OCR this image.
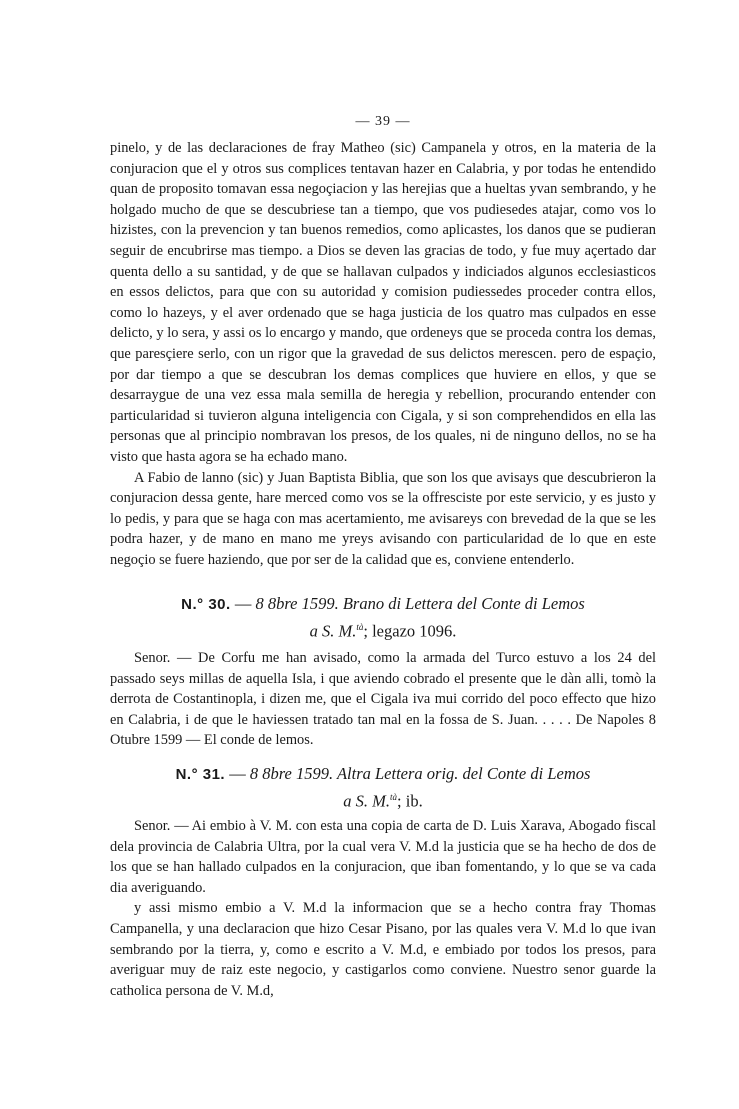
— 39 —

pinelo, y de las declaraciones de fray Matheo (sic) Campanela y otros, en la materia de la conjuracion que el y otros sus complices tentavan hazer en Calabria, y por todas he entendido quan de proposito tomavan essa negoçiacion y las herejias que a hueltas yvan sembrando, y he holgado mucho de que se descubriese tan a tiempo, que vos pudiesedes atajar, como vos lo hizistes, con la prevencion y tan buenos remedios, como aplicastes, los danos que se pudieran seguir de encubrirse mas tiempo. a Dios se deven las gracias de todo, y fue muy açertado dar quenta dello a su santidad, y de que se hallavan culpados y indiciados algunos ecclesiasticos en essos delictos, para que con su autoridad y comision pudiessedes proceder contra ellos, como lo hazeys, y el aver ordenado que se haga justicia de los quatro mas culpados en esse delicto, y lo sera, y assi os lo encargo y mando, que ordeneys que se proceda contra los demas, que paresçiere serlo, con un rigor que la gravedad de sus delictos merescen. pero de espaçio, por dar tiempo a que se descubran los demas complices que huviere en ellos, y que se desarraygue de una vez essa mala semilla de heregia y rebellion, procurando entender con particularidad si tuvieron alguna inteligencia con Cigala, y si son comprehendidos en ella las personas que al principio nombravan los presos, de los quales, ni de ninguno dellos, no se ha visto que hasta agora se ha echado mano.

A Fabio de lanno (sic) y Juan Baptista Biblia, que son los que avisays que descubrieron la conjuracion dessa gente, hare merced como vos se la offresciste por este servicio, y es justo y lo pedis, y para que se haga con mas acertamiento, me avisareys con brevedad de la que se les podra hazer, y de mano en mano me yreys avisando con particularidad de lo que en este negoçio se fuere haziendo, que por ser de la calidad que es, conviene entenderlo.

N.° 30. — 8 8bre 1599. Brano di Lettera del Conte di Lemos
a S. M.$^{tà}$; legazo 1096.

Senor. — De Corfu me han avisado, como la armada del Turco estuvo a los 24 del passado seys millas de aquella Isla, i que aviendo cobrado el presente que le dàn alli, tomò la derrota de Costantinopla, i dizen me, que el Cigala iva mui corrido del poco effecto que hizo en Calabria, i de que le haviessen tratado tan mal en la fossa de S. Juan. . . . . De Napoles 8 Otubre 1599 — El conde de lemos.

N.° 31. — 8 8bre 1599. Altra Lettera orig. del Conte di Lemos
a S. M.$^{tà}$; ib.

Senor. — Ai embio à V. M. con esta una copia de carta de D. Luis Xarava, Abogado fiscal dela provincia de Calabria Ultra, por la cual vera V. M.d la justicia que se ha hecho de dos de los que se han hallado culpados en la conjuracion, que iban fomentando, y lo que se va cada dia averiguando.

y assi mismo embio a V. M.d la informacion que se a hecho contra fray Thomas Campanella, y una declaracion que hizo Cesar Pisano, por las quales vera V. M.d lo que ivan sembrando por la tierra, y, como e escrito a V. M.d, e embiado por todos los presos, para averiguar muy de raiz este negocio, y castigarlos como conviene. Nuestro senor guarde la catholica persona de V. M.d,
